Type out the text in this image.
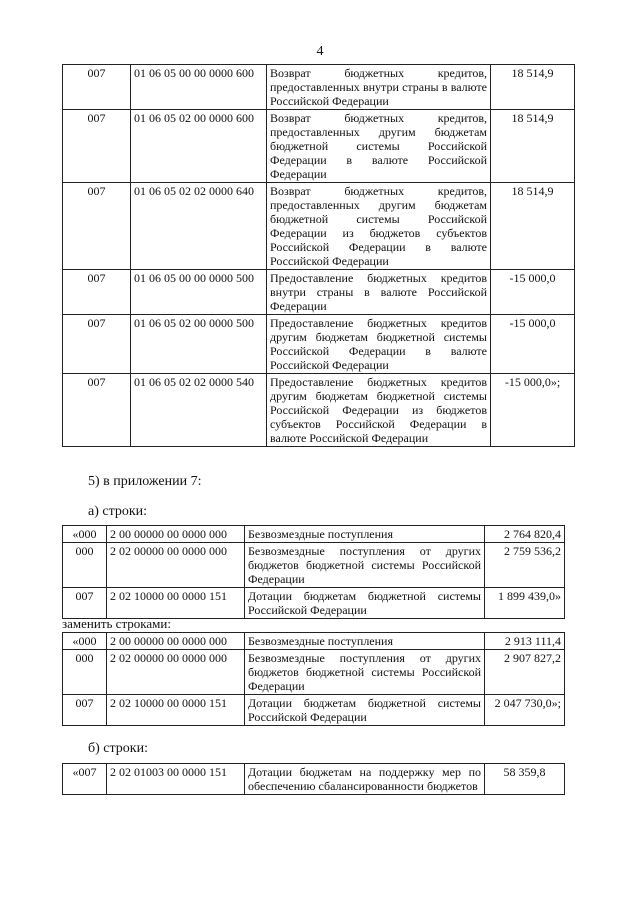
4
007	01 06 05 00 00 0000 600	Возврат бюджетных кредитов, предоставленных внутри страны в валюте Российской Федерации	18 514,9
007	01 06 05 02 00 0000 600	Возврат бюджетных кредитов, предоставленных другим бюджетам бюджетной системы Российской Федерации в валюте Российской Федерации	18 514,9
007	01 06 05 02 02 0000 640	Возврат бюджетных кредитов, предоставленных другим бюджетам бюджетной системы Российской Федерации из бюджетов субъектов Российской Федерации в валюте Российской Федерации	18 514,9
007	01 06 05 00 00 0000 500	Предоставление бюджетных кредитов внутри страны в валюте Российской Федерации	-15 000,0
007	01 06 05 02 00 0000 500	Предоставление бюджетных кредитов другим бюджетам бюджетной системы Российской Федерации в валюте Российской Федерации	-15 000,0
007	01 06 05 02 02 0000 540	Предоставление бюджетных кредитов другим бюджетам бюджетной системы Российской Федерации из бюджетов субъектов Российской Федерации в валюте Российской Федерации	-15 000,0»;
5) в приложении 7:
а) строки:
«000	2 00 00000 00 0000 000	Безвозмездные поступления	2 764 820,4
000	2 02 00000 00 0000 000	Безвозмездные поступления от других бюджетов бюджетной системы Российской Федерации	2 759 536,2
007	2 02 10000 00 0000 151	Дотации бюджетам бюджетной системы Российской Федерации	1 899 439,0»
заменить строками:
«000	2 00 00000 00 0000 000	Безвозмездные поступления	2 913 111,4
000	2 02 00000 00 0000 000	Безвозмездные поступления от других бюджетов бюджетной системы Российской Федерации	2 907 827,2
007	2 02 10000 00 0000 151	Дотации бюджетам бюджетной системы Российской Федерации	2 047 730,0»;
б) строки:
«007	2 02 01003 00 0000 151	Дотации бюджетам на поддержку мер по обеспечению сбалансированности бюджетов	58 359,8
